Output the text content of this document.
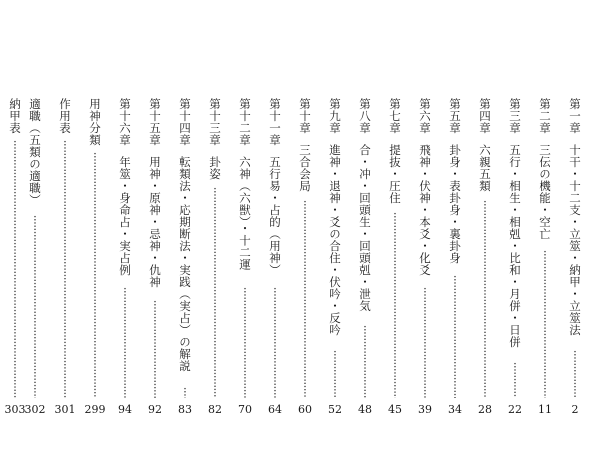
第一章十干・十二支・立筮・納甲・立筮法
2
第二章三伝の機能・空亡
11
第三章五行・相生・相剋・比和・月併・日併
22
第四章六親五類
28
第五章卦身・表卦身・裏卦身
34
第六章飛神・伏神・本爻・化爻
39
第七章提抜・圧住
45
第八章合・冲・回頭生・回頭剋・泄気
48
第九章進神・退神・爻の合住・伏吟・反吟
52
第十章三合会局
60
第十一章五行易・占的（用神）
64
第十二章六神（六獣）・十二運
70
第十三章卦姿
82
第十四章転類法・応期断法・実践（実占）の解説
83
第十五章用神・原神・忌神・仇神
92
第十六章年筮・身命占・実占例
94
用神分類
299
作用表
301
適職（五類の適職）
302
納甲表
303
